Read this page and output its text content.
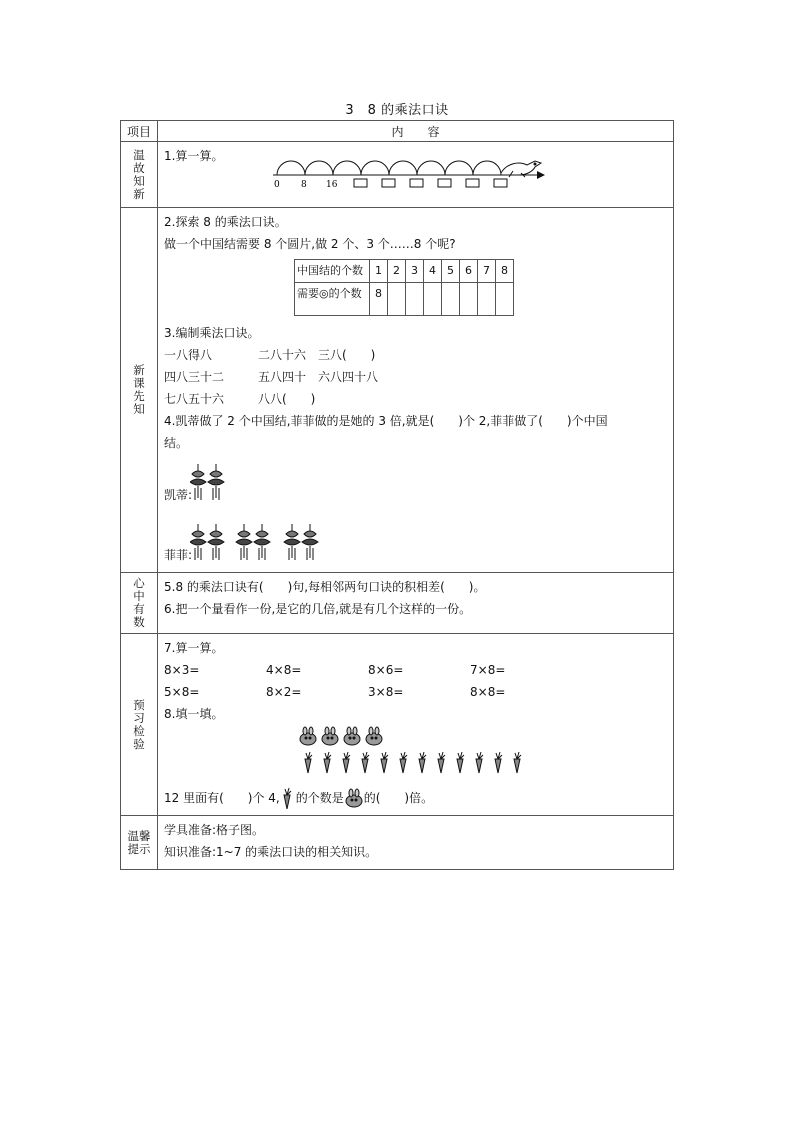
3　8 的乘法口诀
项目	内　　容

温故知新

1.算一算。
0 8 16

新课先知

2.探索 8 的乘法口诀。
做一个中国结需要 8 个圆片,做 2 个、3 个……8 个呢?
中国结的个数	1	2	3	4	5	6	7	8
需要◎的个数	8							
3.编制乘法口诀。
一八得八	二八十六 三八(　　)
四八三十二	五八四十 六八四十八
七八五十六	八八(　　)
4.凯蒂做了 2 个中国结,菲菲做的是她的 3 倍,就是(　　)个 2,菲菲做了(　　)个中国
结。
凯蒂:
菲菲:

心中有数

5.8 的乘法口诀有(　　)句,每相邻两句口诀的积相差(　　)。
6.把一个量看作一份,是它的几倍,就是有几个这样的一份。

预习检验

7.算一算。
8×3=	4×8=	8×6=	7×8=
5×8=	8×2=	3×8=	8×8=
8.填一填。
12 里面有(　　)个 4, 的个数是 的(　　)倍。

温馨提示

学具准备:格子图。
知识准备:1~7 的乘法口诀的相关知识。
